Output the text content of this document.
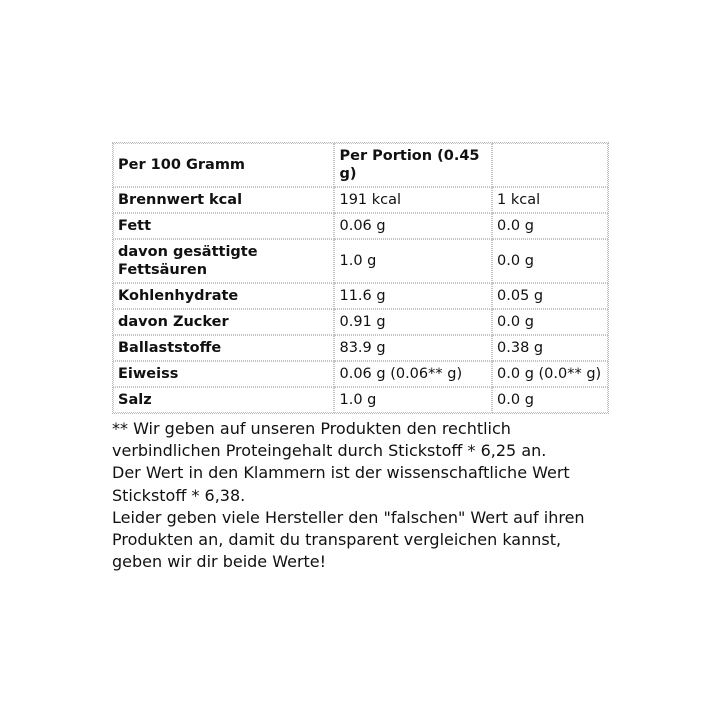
Per 100 Gramm	Per Portion (0.45 g)	
Brennwert kcal	191 kcal	1 kcal
Fett	0.06 g	0.0 g
davon gesättigte Fettsäuren	1.0 g	0.0 g
Kohlenhydrate	11.6 g	0.05 g
davon Zucker	0.91 g	0.0 g
Ballaststoffe	83.9 g	0.38 g
Eiweiss	0.06 g (0.06** g)	0.0 g (0.0** g)
Salz	1.0 g	0.0 g

** Wir geben auf unseren Produkten den rechtlich verbindlichen Proteingehalt durch Stickstoff * 6,25 an.

Der Wert in den Klammern ist der wissenschaftliche Wert Stickstoff * 6,38.

Leider geben viele Hersteller den "falschen" Wert auf ihren Produkten an, damit du transparent vergleichen kannst, geben wir dir beide Werte!
